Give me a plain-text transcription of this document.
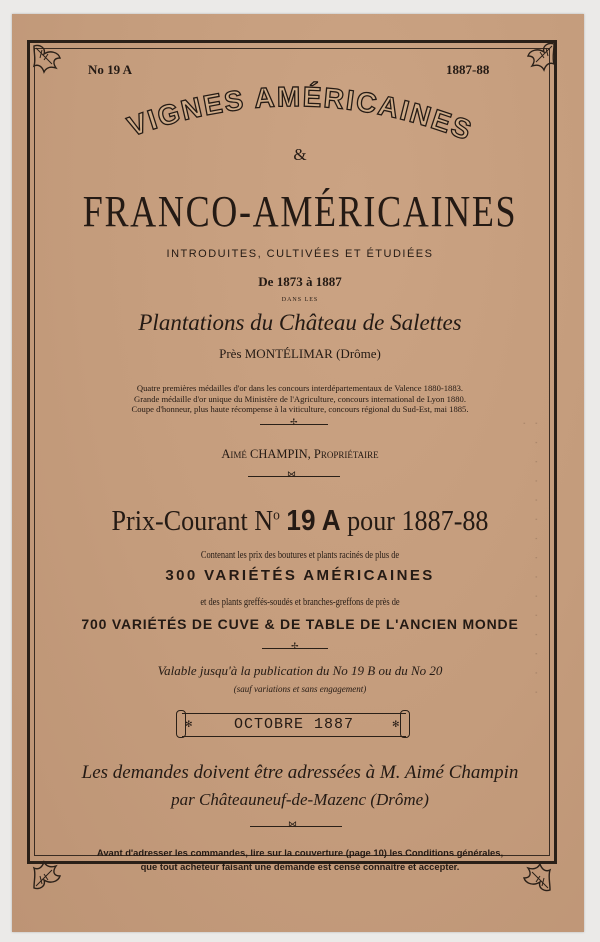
No 19 A	1887-88
VIGNES AMÉRICAINES
&
FRANCO-AMÉRICAINES
INTRODUITES, CULTIVÉES ET ÉTUDIÉES
De 1873 à 1887
DANS LES
Plantations du Château de Salettes
Près MONTÉLIMAR (Drôme)
Quatre premières médailles d'or dans les concours interdépartementaux de Valence 1880-1883.
Grande médaille d'or unique du Ministère de l'Agriculture, concours international de Lyon 1880.
Coupe d'honneur, plus haute récompense à la viticulture, concours régional du Sud-Est, mai 1885.
✢
Aimé CHAMPIN, Propriétaire
⋈
Prix-Courant $N^o$ 19 A pour 1887-88
Contenant les prix des boutures et plants racinés de plus de
300 VARIÉTÉS AMÉRICAINES
et des plants greffés-soudés et branches-greffons de près de
700 VARIÉTÉS DE CUVE & DE TABLE DE L'ANCIEN MONDE
✢
Valable jusqu'à la publication du No 19 B ou du No 20
(sauf variations et sans engagement)
✻	✻
OCTOBRE 1887
Les demandes doivent être adressées à M. Aimé Champin
par Châteauneuf-de-Mazenc (Drôme)
⋈
Avant d'adresser les commandes, lire sur la couverture (page 10) les Conditions générales,
que tout acheteur faisant une demande est censé connaitre et accepter.
· · · · · · · · · · · · · · · ·
